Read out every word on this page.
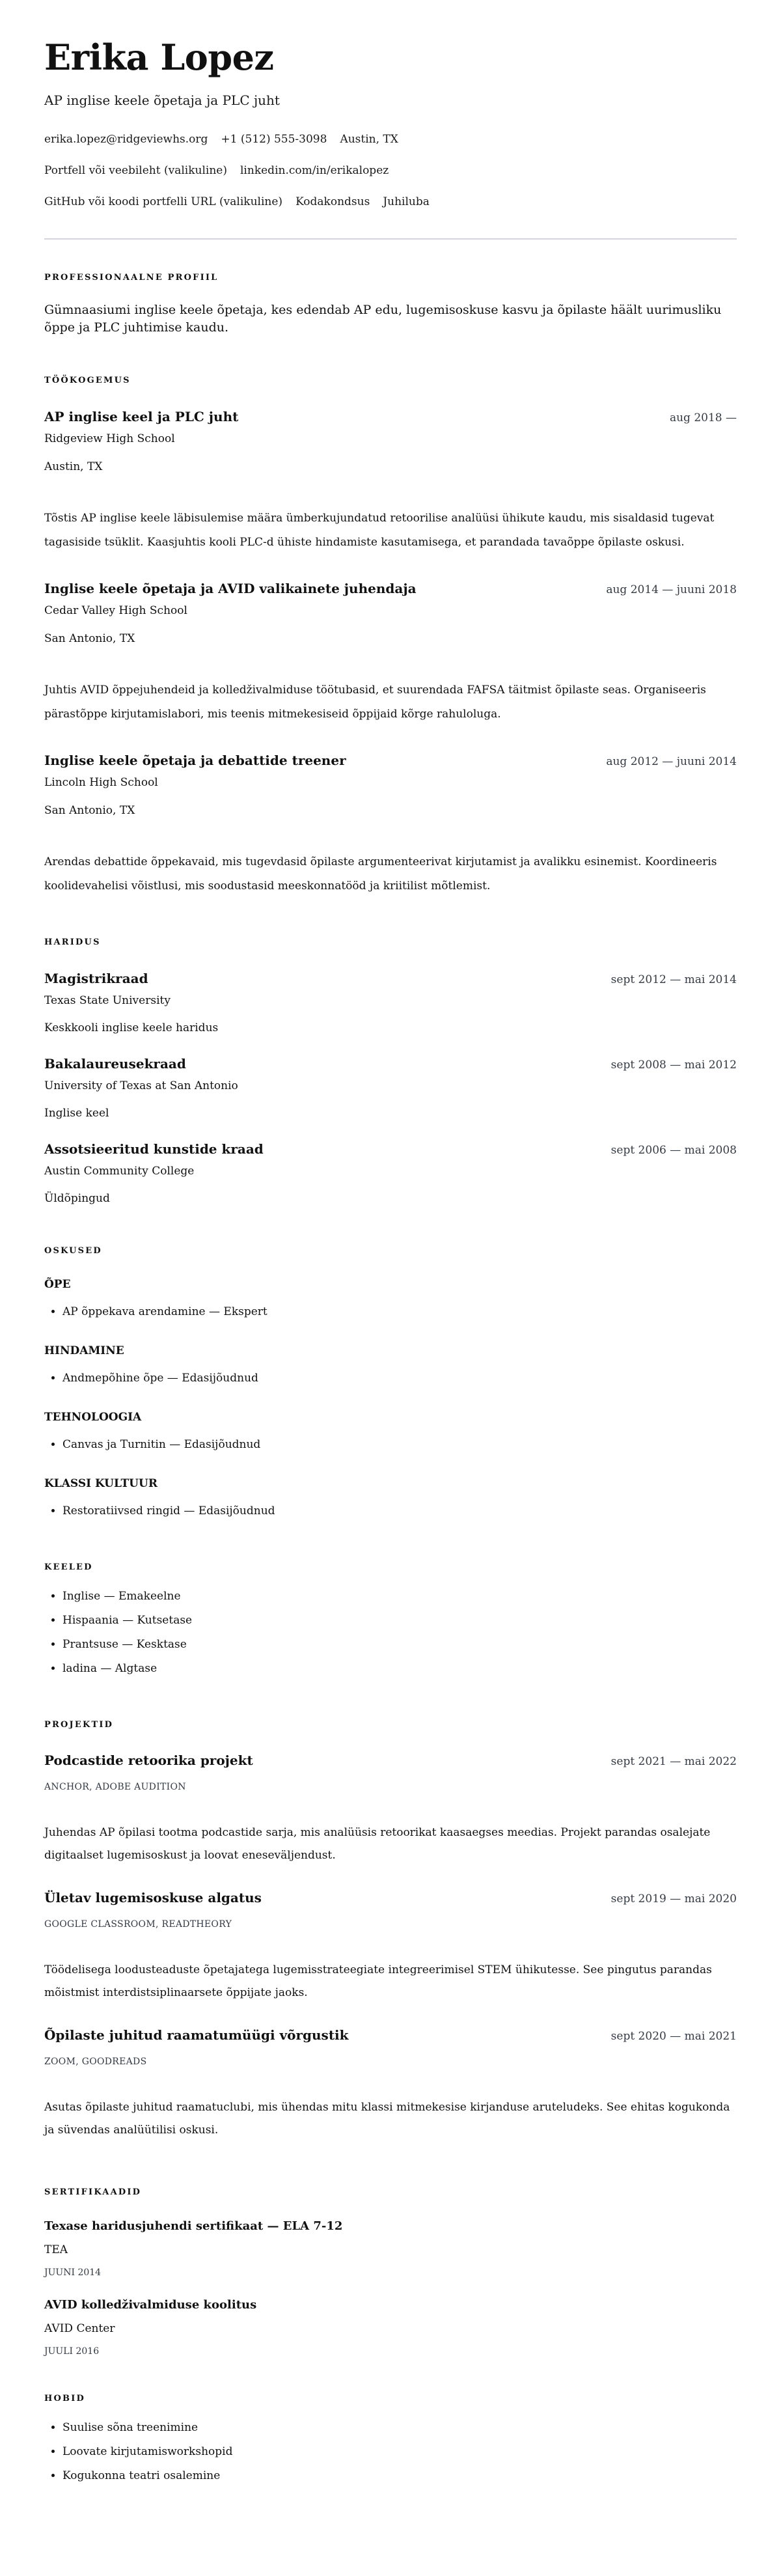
Erika Lopez
AP inglise keele õpetaja ja PLC juht
erika.lopez@ridgeviewhs.org +1 (512) 555-3098 Austin, TX
Portfell või veebileht (valikuline) linkedin.com/in/erikalopez
GitHub või koodi portfelli URL (valikuline) Kodakondsus Juhiluba
PROFESSIONAALNE PROFIIL
Gümnaasiumi inglise keele õpetaja, kes edendab AP edu, lugemisoskuse kasvu ja õpilaste häält uurimusliku õppe ja PLC juhtimise kaudu.
TÖÖKOGEMUS
AP inglise keel ja PLC juht	aug 2018 —
Ridgeview High School
Austin, TX
Tõstis AP inglise keele läbisulemise määra ümberkujundatud retoorilise analüüsi ühikute kaudu, mis sisaldasid tugevat tagasiside tsüklit. Kaasjuhtis kooli PLC-d ühiste hindamiste kasutamisega, et parandada tavaõppe õpilaste oskusi.
Inglise keele õpetaja ja AVID valikainete juhendaja	aug 2014 — juuni 2018
Cedar Valley High School
San Antonio, TX
Juhtis AVID õppejuhendeid ja kolledživalmiduse töötubasid, et suurendada FAFSA täitmist õpilaste seas. Organiseeris pärastõppe kirjutamislabori, mis teenis mitmekesiseid õppijaid kõrge rahuloluga.
Inglise keele õpetaja ja debattide treener	aug 2012 — juuni 2014
Lincoln High School
San Antonio, TX
Arendas debattide õppekavaid, mis tugevdasid õpilaste argumenteerivat kirjutamist ja avalikku esinemist. Koordineeris koolidevahelisi võistlusi, mis soodustasid meeskonnatööd ja kriitilist mõtlemist.
HARIDUS
Magistrikraad	sept 2012 — mai 2014
Texas State University
Keskkooli inglise keele haridus
Bakalaureusekraad	sept 2008 — mai 2012
University of Texas at San Antonio
Inglise keel
Assotsieeritud kunstide kraad	sept 2006 — mai 2008
Austin Community College
Üldõpingud
OSKUSED
ÕPE
• AP õppekava arendamine — Ekspert
HINDAMINE
• Andmepõhine õpe — Edasijõudnud
TEHNOLOOGIA
• Canvas ja Turnitin — Edasijõudnud
KLASSI KULTUUR
• Restoratiivsed ringid — Edasijõudnud
KEELED
• Inglise — Emakeelne
• Hispaania — Kutsetase
• Prantsuse — Kesktase
• ladina — Algtase
PROJEKTID
Podcastide retoorika projekt	sept 2021 — mai 2022
ANCHOR, ADOBE AUDITION
Juhendas AP õpilasi tootma podcastide sarja, mis analüüsis retoorikat kaasaegses meedias. Projekt parandas osalejate digitaalset lugemisoskust ja loovat eneseväljendust.
Ületav lugemisoskuse algatus	sept 2019 — mai 2020
GOOGLE CLASSROOM, READTHEORY
Töödelisega loodusteaduste õpetajatega lugemisstrateegiate integreerimisel STEM ühikutesse. See pingutus parandas mõistmist interdistsiplinaarsete õppijate jaoks.
Õpilaste juhitud raamatumüügi võrgustik	sept 2020 — mai 2021
ZOOM, GOODREADS
Asutas õpilaste juhitud raamatuclubi, mis ühendas mitu klassi mitmekesise kirjanduse aruteludeks. See ehitas kogukonda ja süvendas analüütilisi oskusi.
SERTIFIKAADID
Texase haridusjuhendi sertifikaat — ELA 7-12
TEA
JUUNI 2014
AVID kolledživalmiduse koolitus
AVID Center
JUULI 2016
HOBID
• Suulise sõna treenimine
• Loovate kirjutamisworkshopid
• Kogukonna teatri osalemine
